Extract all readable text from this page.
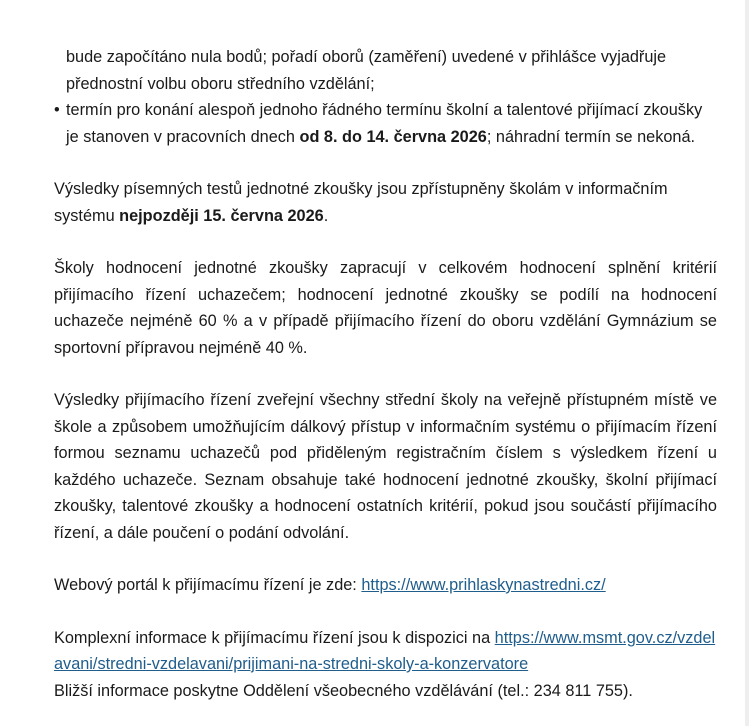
bude započítáno nula bodů; pořadí oborů (zaměření) uvedené v přihlášce vyjadřuje přednostní volbu oboru středního vzdělání;
• termín pro konání alespoň jednoho řádného termínu školní a talentové přijímací zkoušky je stanoven v pracovních dnech od 8. do 14. června 2026; náhradní termín se nekoná.

Výsledky písemných testů jednotné zkoušky jsou zpřístupněny školám v informačním systému nejpozději 15. června 2026.

Školy hodnocení jednotné zkoušky zapracují v celkovém hodnocení splnění kritérií přijímacího řízení uchazečem; hodnocení jednotné zkoušky se podílí na hodnocení uchazeče nejméně 60 % a v případě přijímacího řízení do oboru vzdělání Gymnázium se sportovní přípravou nejméně 40 %.

Výsledky přijímacího řízení zveřejní všechny střední školy na veřejně přístupném místě ve škole a způsobem umožňujícím dálkový přístup v informačním systému o přijímacím řízení formou seznamu uchazečů pod přiděleným registračním číslem s výsledkem řízení u každého uchazeče. Seznam obsahuje také hodnocení jednotné zkoušky, školní přijímací zkoušky, talentové zkoušky a hodnocení ostatních kritérií, pokud jsou součástí přijímacího řízení, a dále poučení o podání odvolání.

Webový portál k přijímacímu řízení je zde: https://www.prihlaskynastredni.cz/

Komplexní informace k přijímacímu řízení jsou k dispozici na https://www.msmt.gov.cz/vzdelavani/stredni-vzdelavani/prijimani-na-stredni-skoly-a-konzervatore

Bližší informace poskytne Oddělení všeobecného vzdělávání (tel.: 234 811 755).
